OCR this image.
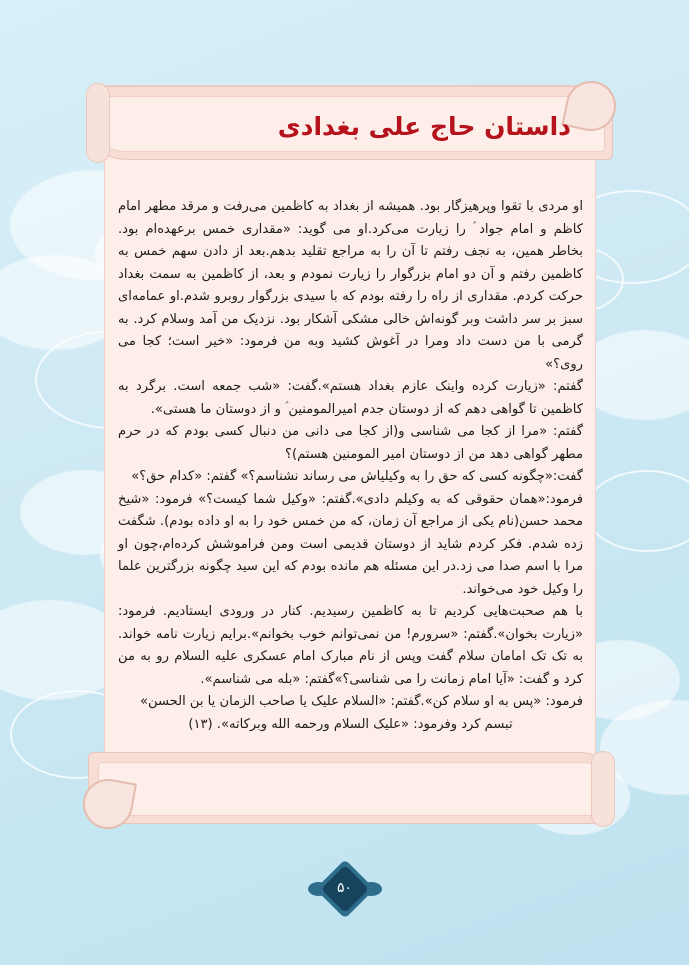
داستان حاج علی بغدادی

او مردی با تقوا وپرهیزگار بود. همیشه از بغداد به کاظمین می‌رفت و مرقد مطهر امام کاظم و امام جواد ؑ را زیارت می‌کرد.او می گوید: «مقداری خمس برعهده‌ام بود. بخاطر همین، به نجف رفتم تا آن را به مراجع تقلید بدهم.بعد از دادن سهم خمس به کاظمین رفتم و آن دو امام بزرگوار را زیارت نمودم و بعد، از کاظمین به سمت بغداد حرکت کردم. مقداری از راه را رفته بودم که با سیدی بزرگوار روبرو شدم.او عمامه‌ای سبز بر سر داشت وبر گونه‌اش خالی مشکی آشکار بود. نزدیک من آمد وسلام کرد. به گرمی با من دست داد ومرا در آغوش کشید وبه من فرمود: «خیر است؛ کجا می روی؟»

گفتم: «زیارت کرده واینک عازم بغداد هستم».گفت: «شب جمعه است. برگرد به کاظمین تا گواهی دهم که از دوستان جدم امیرالمومنین ؑ و از دوستان ما هستی».

گفتم: «مرا از کجا می شناسی و(از کجا می دانی من دنبال کسی بودم که در حرم مطهر گواهی دهد من از دوستان امیر المومنین هستم)؟

گفت:«چگونه کسی که حق را به وکیلیاش می رساند نشناسم؟» گفتم: «کدام حق؟»

فرمود:«همان حقوقی که به وکیلم دادی».گفتم: «وکیل شما کیست؟» فرمود: «شیخ محمد حسن(نام یکی از مراجع آن زمان، که من خمس خود را به او داده بودم). شگفت زده شدم. فکر کردم شاید از دوستان قدیمی است ومن فراموشش کرده‌ام،چون او مرا با اسم صدا می زد.در این مسئله هم مانده بودم که این سید چگونه بزرگترین علما را وکیل خود می‌خواند.

با هم صحبت‌هایی کردیم تا به کاظمین رسیدیم. کنار در ورودی ایستادیم. فرمود: «زیارت بخوان».گفتم: «سرورم! من نمی‌توانم خوب بخوانم».برایم زیارت نامه خواند. به تک تک امامان سلام گفت وپس از نام مبارک امام عسکری علیه السلام رو به من کرد و گفت: «آیا امام زمانت را می شناسی؟»گفتم: «بله می شناسم».

فرمود: «پس به او سلام کن».گفتم: «السلام علیک یا صاحب الزمان یا بن الحسن»

تبسم کرد وفرمود: «علیک السلام ورحمه الله وبرکاته». (۱۳)

۵۰
